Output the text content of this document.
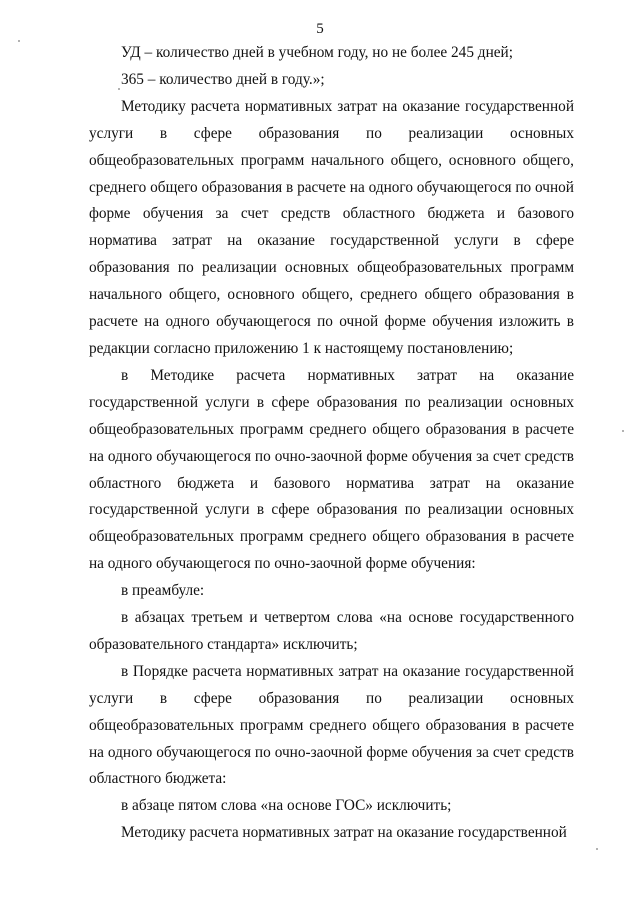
5

УД – количество дней в учебном году, но не более 245 дней;

365 – количество дней в году.»;

Методику расчета нормативных затрат на оказание государственной услуги в сфере образования по реализации основных общеобразовательных программ начального общего, основного общего, среднего общего образования в расчете на одного обучающегося по очной форме обучения за счет средств областного бюджета и базового норматива затрат на оказание государственной услуги в сфере образования по реализации основных общеобразовательных программ начального общего, основного общего, среднего общего образования в расчете на одного обучающегося по очной форме обучения изложить в редакции согласно приложению 1 к настоящему постановлению;

в Методике расчета нормативных затрат на оказание государственной услуги в сфере образования по реализации основных общеобразовательных программ среднего общего образования в расчете на одного обучающегося по очно-заочной форме обучения за счет средств областного бюджета и базового норматива затрат на оказание государственной услуги в сфере образования по реализации основных общеобразовательных программ среднего общего образования в расчете на одного обучающегося по очно-заочной форме обучения:

в преамбуле:

в абзацах третьем и четвертом слова «на основе государственного образовательного стандарта» исключить;

в Порядке расчета нормативных затрат на оказание государственной услуги в сфере образования по реализации основных общеобразовательных программ среднего общего образования в расчете на одного обучающегося по очно-заочной форме обучения за счет средств областного бюджета:

в абзаце пятом слова «на основе ГОС» исключить;

Методику расчета нормативных затрат на оказание государственной
